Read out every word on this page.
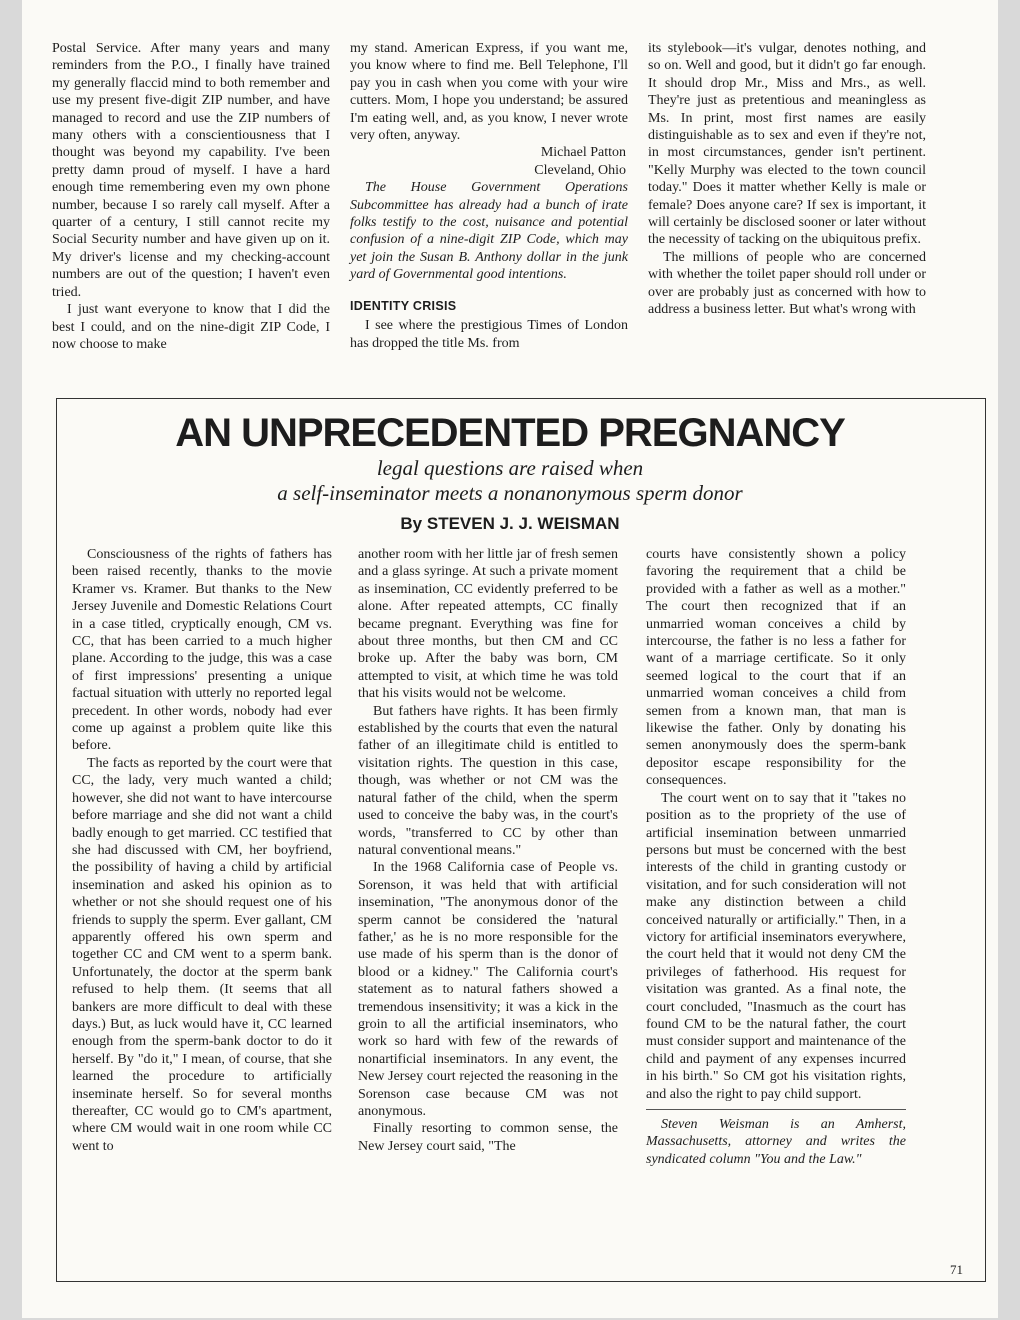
Postal Service. After many years and many reminders from the P.O., I finally have trained my generally flaccid mind to both remember and use my present five-digit ZIP number, and have managed to record and use the ZIP numbers of many others with a conscientiousness that I thought was beyond my capability. I've been pretty damn proud of myself. I have a hard enough time remembering even my own phone number, because I so rarely call myself. After a quarter of a century, I still cannot recite my Social Security number and have given up on it. My driver's license and my checking-account numbers are out of the question; I haven't even tried.

I just want everyone to know that I did the best I could, and on the nine-digit ZIP Code, I now choose to make

my stand. American Express, if you want me, you know where to find me. Bell Telephone, I'll pay you in cash when you come with your wire cutters. Mom, I hope you understand; be assured I'm eating well, and, as you know, I never wrote very often, anyway.

Michael Patton

Cleveland, Ohio

The House Government Operations Subcommittee has already had a bunch of irate folks testify to the cost, nuisance and potential confusion of a nine-digit ZIP Code, which may yet join the Susan B. Anthony dollar in the junk yard of Governmental good intentions.

IDENTITY CRISIS

I see where the prestigious Times of London has dropped the title Ms. from

its stylebook—it's vulgar, denotes nothing, and so on. Well and good, but it didn't go far enough. It should drop Mr., Miss and Mrs., as well. They're just as pretentious and meaningless as Ms. In print, most first names are easily distinguishable as to sex and even if they're not, in most circumstances, gender isn't pertinent. "Kelly Murphy was elected to the town council today." Does it matter whether Kelly is male or female? Does anyone care? If sex is important, it will certainly be disclosed sooner or later without the necessity of tacking on the ubiquitous prefix.

The millions of people who are concerned with whether the toilet paper should roll under or over are probably just as concerned with how to address a business letter. But what's wrong with

AN UNPRECEDENTED PREGNANCY
legal questions are raised when
a self-inseminator meets a nonanonymous sperm donor
By STEVEN J. J. WEISMAN

Consciousness of the rights of fathers has been raised recently, thanks to the movie Kramer vs. Kramer. But thanks to the New Jersey Juvenile and Domestic Relations Court in a case titled, cryptically enough, CM vs. CC, that has been carried to a much higher plane. According to the judge, this was a case of first impressions' presenting a unique factual situation with utterly no reported legal precedent. In other words, nobody had ever come up against a problem quite like this before.

The facts as reported by the court were that CC, the lady, very much wanted a child; however, she did not want to have intercourse before marriage and she did not want a child badly enough to get married. CC testified that she had discussed with CM, her boyfriend, the possibility of having a child by artificial insemination and asked his opinion as to whether or not she should request one of his friends to supply the sperm. Ever gallant, CM apparently offered his own sperm and together CC and CM went to a sperm bank. Unfortunately, the doctor at the sperm bank refused to help them. (It seems that all bankers are more difficult to deal with these days.) But, as luck would have it, CC learned enough from the sperm-bank doctor to do it herself. By "do it," I mean, of course, that she learned the procedure to artificially inseminate herself. So for several months thereafter, CC would go to CM's apartment, where CM would wait in one room while CC went to

another room with her little jar of fresh semen and a glass syringe. At such a private moment as insemination, CC evidently preferred to be alone. After repeated attempts, CC finally became pregnant. Everything was fine for about three months, but then CM and CC broke up. After the baby was born, CM attempted to visit, at which time he was told that his visits would not be welcome.

But fathers have rights. It has been firmly established by the courts that even the natural father of an illegitimate child is entitled to visitation rights. The question in this case, though, was whether or not CM was the natural father of the child, when the sperm used to conceive the baby was, in the court's words, "transferred to CC by other than natural conventional means."

In the 1968 California case of People vs. Sorenson, it was held that with artificial insemination, "The anonymous donor of the sperm cannot be considered the 'natural father,' as he is no more responsible for the use made of his sperm than is the donor of blood or a kidney." The California court's statement as to natural fathers showed a tremendous insensitivity; it was a kick in the groin to all the artificial inseminators, who work so hard with few of the rewards of nonartificial inseminators. In any event, the New Jersey court rejected the reasoning in the Sorenson case because CM was not anonymous.

Finally resorting to common sense, the New Jersey court said, "The

courts have consistently shown a policy favoring the requirement that a child be provided with a father as well as a mother." The court then recognized that if an unmarried woman conceives a child by intercourse, the father is no less a father for want of a marriage certificate. So it only seemed logical to the court that if an unmarried woman conceives a child from semen from a known man, that man is likewise the father. Only by donating his semen anonymously does the sperm-bank depositor escape responsibility for the consequences.

The court went on to say that it "takes no position as to the propriety of the use of artificial insemination between unmarried persons but must be concerned with the best interests of the child in granting custody or visitation, and for such consideration will not make any distinction between a child conceived naturally or artificially." Then, in a victory for artificial inseminators everywhere, the court held that it would not deny CM the privileges of fatherhood. His request for visitation was granted. As a final note, the court concluded, "Inasmuch as the court has found CM to be the natural father, the court must consider support and maintenance of the child and payment of any expenses incurred in his birth." So CM got his visitation rights, and also the right to pay child support.

Steven Weisman is an Amherst, Massachusetts, attorney and writes the syndicated column "You and the Law."

71
